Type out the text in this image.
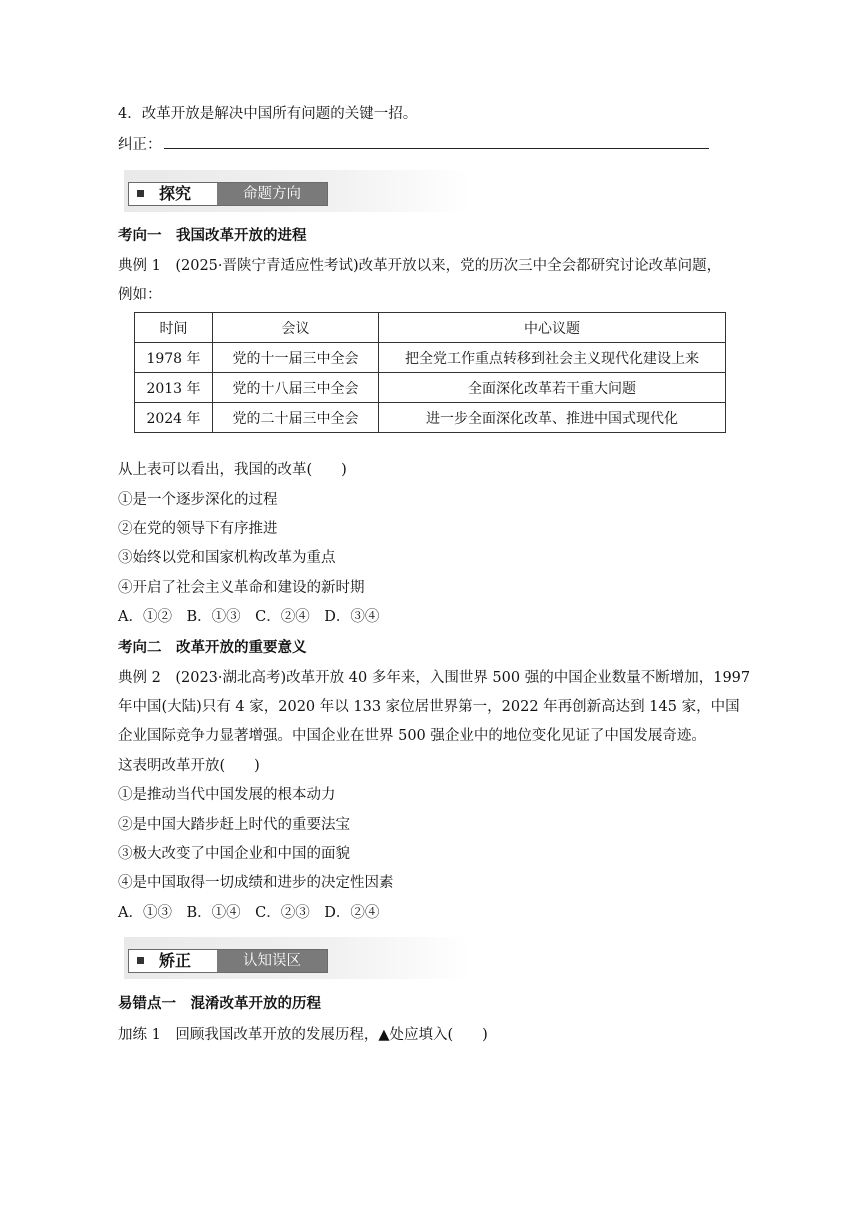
4．改革开放是解决中国所有问题的关键一招。
纠正：
探究	命题方向
考向一　我国改革开放的进程
典例 1　(2025·晋陕宁青适应性考试)改革开放以来，党的历次三中全会都研究讨论改革问题，
例如：
时间	会议	中心议题
1978 年	党的十一届三中全会	把全党工作重点转移到社会主义现代化建设上来
2013 年	党的十八届三中全会	全面深化改革若干重大问题
2024 年	党的二十届三中全会	进一步全面深化改革、推进中国式现代化
从上表可以看出，我国的改革(　　)
①是一个逐步深化的过程
②在党的领导下有序推进
③始终以党和国家机构改革为重点
④开启了社会主义革命和建设的新时期
A．①②　B．①③　C．②④　D．③④
考向二　改革开放的重要意义
典例 2　(2023·湖北高考)改革开放 40 多年来，入围世界 500 强的中国企业数量不断增加，1997
年中国(大陆)只有 4 家，2020 年以 133 家位居世界第一，2022 年再创新高达到 145 家，中国
企业国际竞争力显著增强。中国企业在世界 500 强企业中的地位变化见证了中国发展奇迹。
这表明改革开放(　　)
①是推动当代中国发展的根本动力
②是中国大踏步赶上时代的重要法宝
③极大改变了中国企业和中国的面貌
④是中国取得一切成绩和进步的决定性因素
A．①③　B．①④　C．②③　D．②④
矫正	认知误区
易错点一　混淆改革开放的历程
加练 1　回顾我国改革开放的发展历程，▲处应填入(　　)
